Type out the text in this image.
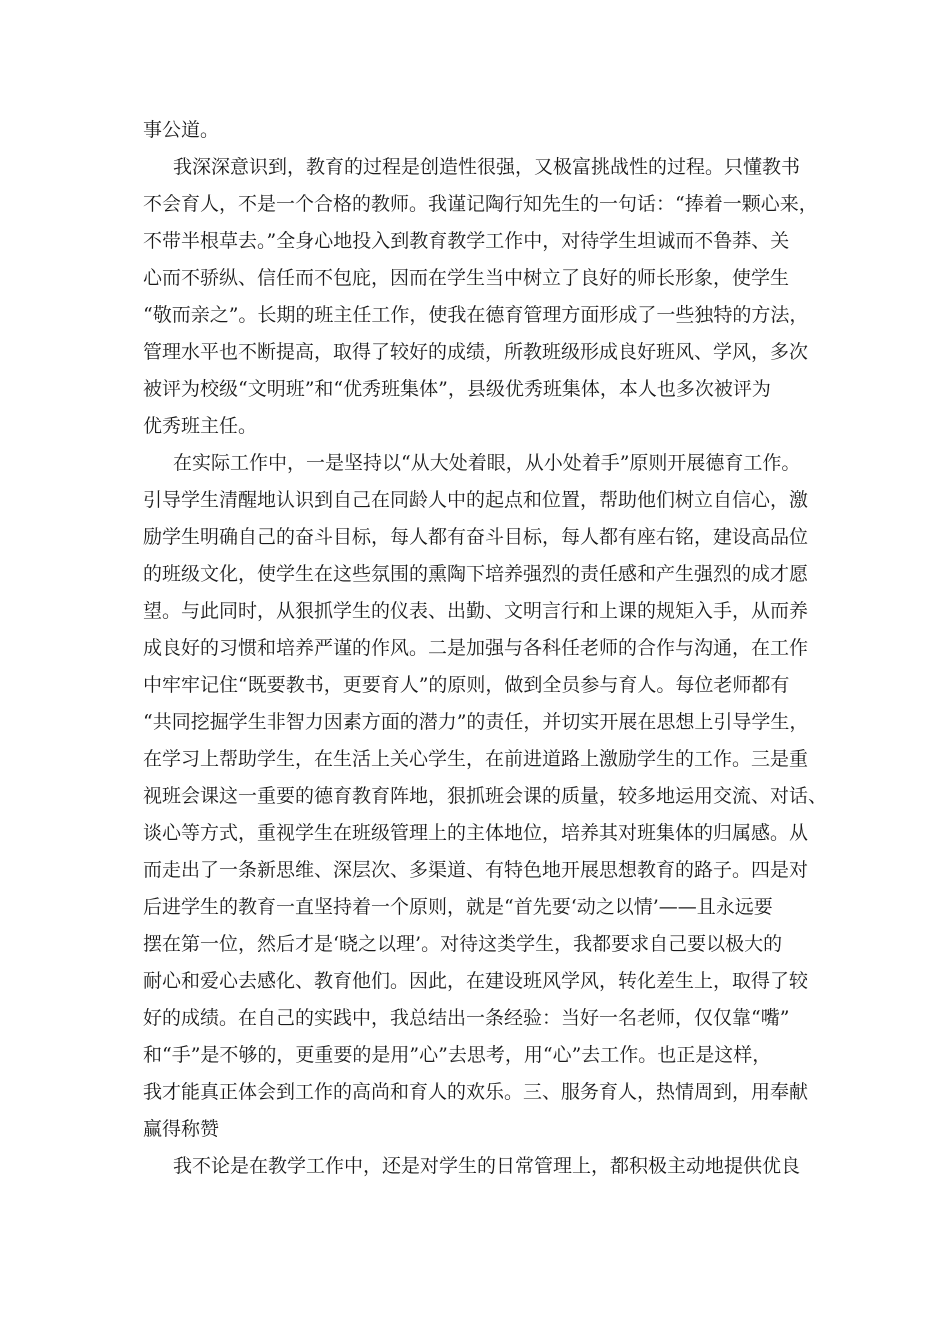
事公道。
我深深意识到，教育的过程是创造性很强，又极富挑战性的过程。只懂教书
不会育人，不是一个合格的教师。我谨记陶行知先生的一句话：“捧着一颗心来，
不带半根草去。”全身心地投入到教育教学工作中，对待学生坦诚而不鲁莽、关
心而不骄纵、信任而不包庇，因而在学生当中树立了良好的师长形象，使学生
“敬而亲之”。长期的班主任工作，使我在德育管理方面形成了一些独特的方法，
管理水平也不断提高，取得了较好的成绩，所教班级形成良好班风、学风，多次
被评为校级“文明班”和“优秀班集体”，县级优秀班集体，本人也多次被评为
优秀班主任。
在实际工作中，一是坚持以“从大处着眼，从小处着手”原则开展德育工作。
引导学生清醒地认识到自己在同龄人中的起点和位置，帮助他们树立自信心，激
励学生明确自己的奋斗目标，每人都有奋斗目标，每人都有座右铭，建设高品位
的班级文化，使学生在这些氛围的熏陶下培养强烈的责任感和产生强烈的成才愿
望。与此同时，从狠抓学生的仪表、出勤、文明言行和上课的规矩入手，从而养
成良好的习惯和培养严谨的作风。二是加强与各科任老师的合作与沟通，在工作
中牢牢记住“既要教书，更要育人”的原则，做到全员参与育人。每位老师都有
“共同挖掘学生非智力因素方面的潜力”的责任，并切实开展在思想上引导学生，
在学习上帮助学生，在生活上关心学生，在前进道路上激励学生的工作。三是重
视班会课这一重要的德育教育阵地，狠抓班会课的质量，较多地运用交流、对话、
谈心等方式，重视学生在班级管理上的主体地位，培养其对班集体的归属感。从
而走出了一条新思维、深层次、多渠道、有特色地开展思想教育的路子。四是对
后进学生的教育一直坚持着一个原则，就是“首先要‘动之以情’——且永远要
摆在第一位，然后才是‘晓之以理’。对待这类学生，我都要求自己要以极大的
耐心和爱心去感化、教育他们。因此，在建设班风学风，转化差生上，取得了较
好的成绩。在自己的实践中，我总结出一条经验：当好一名老师，仅仅靠“嘴”
和“手”是不够的，更重要的是用”心”去思考，用“心”去工作。也正是这样，
我才能真正体会到工作的高尚和育人的欢乐。三、服务育人，热情周到，用奉献
赢得称赞
我不论是在教学工作中，还是对学生的日常管理上，都积极主动地提供优良
